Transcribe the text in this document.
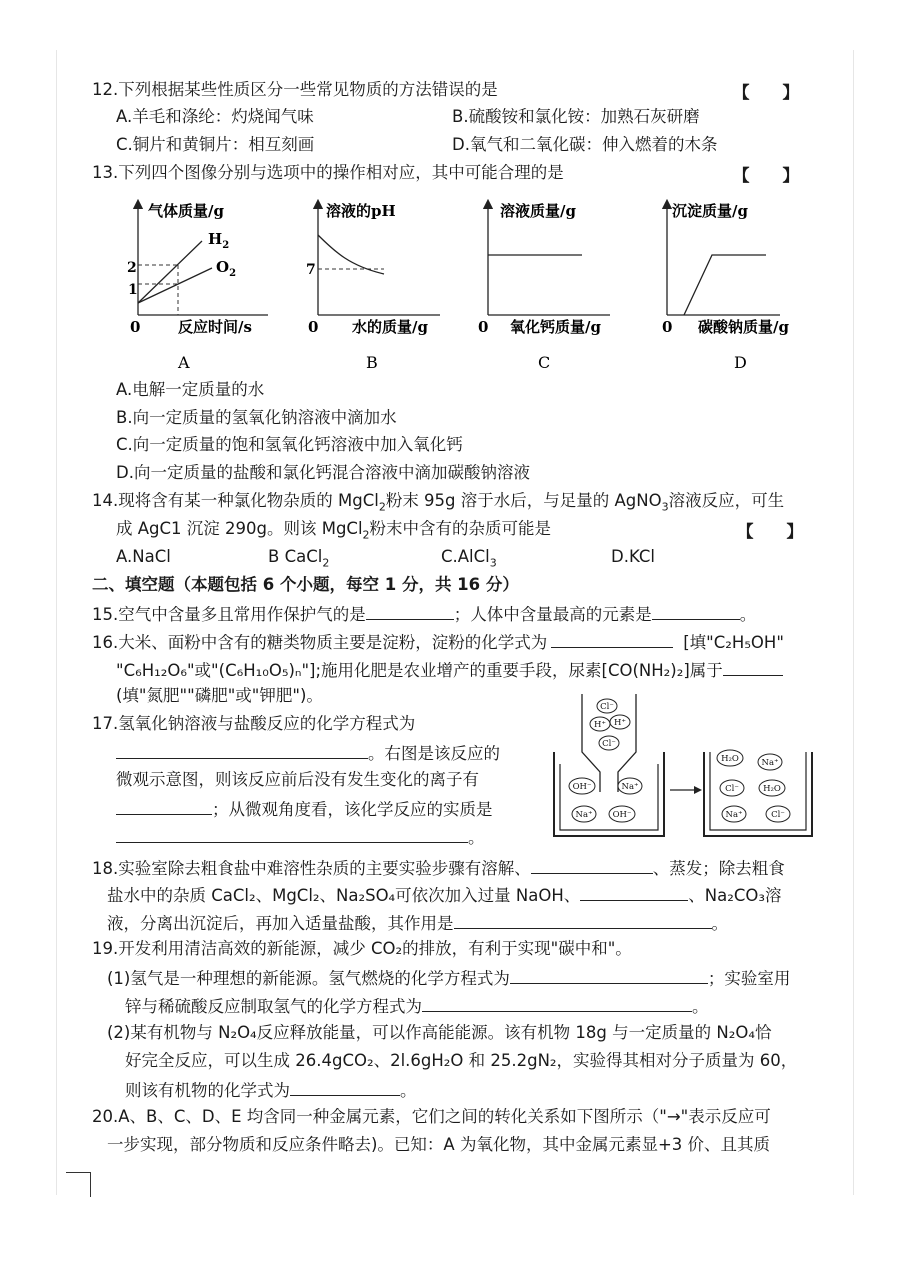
12.下列根据某些性质区分一些常见物质的方法错误的是	【　　】
A.羊毛和涤纶：灼烧闻气味	B.硫酸铵和氯化铵：加熟石灰研磨
C.铜片和黄铜片：相互刻画	D.氧气和二氧化碳：伸入燃着的木条
13.下列四个图像分别与选项中的操作相对应，其中可能合理的是	【　　】
气体质量/g
反应时间/s
0
2
1
$H_2$
$O_2$
溶液的pH
水的质量/g
0
7
溶液质量/g
氧化钙质量/g
0
沉淀质量/g
碳酸钠质量/g
0
A	B	C	D
A.电解一定质量的水
B.向一定质量的氢氧化钠溶液中滴加水
C.向一定质量的饱和氢氧化钙溶液中加入氧化钙
D.向一定质量的盐酸和氯化钙混合溶液中滴加碳酸钠溶液
14.现将含有某一种氯化物杂质的 MgCl$_2$粉末 95g 溶于水后，与足量的 AgNO$_3$溶液反应，可生
成 AgC1 沉淀 290g。则该 MgCl$_2$粉末中含有的杂质可能是	【　　】
A.NaCl	B CaCl$_2$	C.AlCl$_3$	D.KCl
二、填空题（本题包括 6 个小题，每空 1 分，共 16 分）
15.空气中含量多且常用作保护气的是	；人体中含量最高的元素是	。
16.大米、面粉中含有的糖类物质主要是淀粉，淀粉的化学式为	[填"C₂H₅OH"
"C₆H₁₂O₆"或"(C₆H₁₀O₅)ₙ"];施用化肥是农业增产的重要手段，尿素[CO(NH₂)₂]属于
(填"氮肥""磷肥"或"钾肥")。
17.氢氧化钠溶液与盐酸反应的化学方程式为
。右图是该反应的
微观示意图，则该反应前后没有发生变化的离子有
；从微观角度看，该化学反应的实质是
。
Cl⁻
H⁺ H⁺
Cl⁻
OH⁻	Na⁺
Na⁺ OH⁻
H₂O	Na⁺
Cl⁻	H₂O
Na⁺	Cl⁻
18.实验室除去粗食盐中难溶性杂质的主要实验步骤有溶解、	、蒸发；除去粗食
盐水中的杂质 CaCl₂、MgCl₂、Na₂SO₄可依次加入过量 NaOH、	、Na₂CO₃溶
液，分离出沉淀后，再加入适量盐酸，其作用是	。
19.开发利用清洁高效的新能源，减少 CO₂的排放，有利于实现"碳中和"。
(1)氢气是一种理想的新能源。氢气燃烧的化学方程式为	；实验室用
锌与稀硫酸反应制取氢气的化学方程式为	。
(2)某有机物与 N₂O₄反应释放能量，可以作高能能源。该有机物 18g 与一定质量的 N₂O₄恰
好完全反应，可以生成 26.4gCO₂、2l.6gH₂O 和 25.2gN₂，实验得其相对分子质量为 60，
则该有机物的化学式为	。
20.A、B、C、D、E 均含同一种金属元素，它们之间的转化关系如下图所示（"→"表示反应可
一步实现，部分物质和反应条件略去)。已知：A 为氧化物，其中金属元素显+3 价、且其质
